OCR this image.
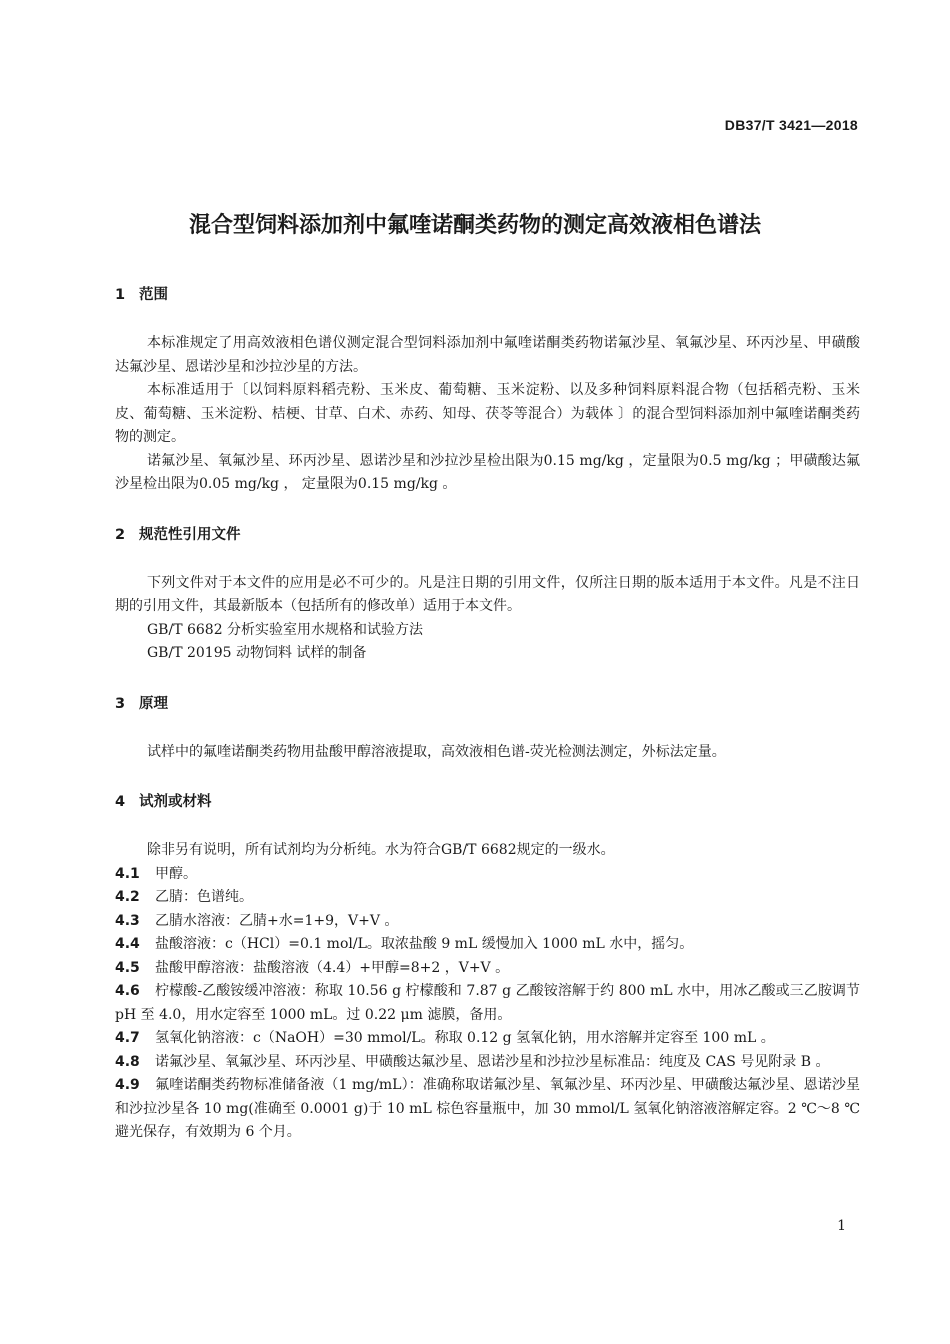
DB37/T 3421—2018
混合型饲料添加剂中氟喹诺酮类药物的测定高效液相色谱法
1 范围

本标准规定了用高效液相色谱仪测定混合型饲料添加剂中氟喹诺酮类药物诺氟沙星、氧氟沙星、环丙沙星、甲磺酸达氟沙星、恩诺沙星和沙拉沙星的方法。

本标准适用于〔以饲料原料稻壳粉、玉米皮、葡萄糖、玉米淀粉、以及多种饲料原料混合物（包括稻壳粉、玉米皮、葡萄糖、玉米淀粉、桔梗、甘草、白术、赤药、知母、茯苓等混合）为载体 〕的混合型饲料添加剂中氟喹诺酮类药物的测定。

诺氟沙星、氧氟沙星、环丙沙星、恩诺沙星和沙拉沙星检出限为0.15 mg/kg ，定量限为0.5 mg/kg ；甲磺酸达氟沙星检出限为0.05 mg/kg ， 定量限为0.15 mg/kg 。

2 规范性引用文件

下列文件对于本文件的应用是必不可少的。凡是注日期的引用文件，仅所注日期的版本适用于本文件。凡是不注日期的引用文件，其最新版本（包括所有的修改单）适用于本文件。

GB/T 6682 分析实验室用水规格和试验方法

GB/T 20195 动物饲料 试样的制备

3 原理

试样中的氟喹诺酮类药物用盐酸甲醇溶液提取，高效液相色谱-荧光检测法测定，外标法定量。

4 试剂或材料

除非另有说明，所有试剂均为分析纯。水为符合GB/T 6682规定的一级水。

4.1 甲醇。

4.2 乙腈：色谱纯。

4.3 乙腈水溶液：乙腈+水=1+9，V+V 。

4.4 盐酸溶液：c（HCl）=0.1 mol/L。取浓盐酸 9 mL 缓慢加入 1000 mL 水中，摇匀。

4.5 盐酸甲醇溶液：盐酸溶液（4.4）+甲醇=8+2 ，V+V 。

4.6 柠檬酸-乙酸铵缓冲溶液：称取 10.56 g 柠檬酸和 7.87 g 乙酸铵溶解于约 800 mL 水中，用冰乙酸或三乙胺调节 pH 至 4.0，用水定容至 1000 mL。过 0.22 μm 滤膜，备用。

4.7 氢氧化钠溶液：c（NaOH）=30 mmol/L。称取 0.12 g 氢氧化钠，用水溶解并定容至 100 mL 。

4.8 诺氟沙星、氧氟沙星、环丙沙星、甲磺酸达氟沙星、恩诺沙星和沙拉沙星标准品：纯度及 CAS 号见附录 B 。

4.9 氟喹诺酮类药物标准储备液（1 mg/mL）：准确称取诺氟沙星、氧氟沙星、环丙沙星、甲磺酸达氟沙星、恩诺沙星和沙拉沙星各 10 mg(准确至 0.0001 g)于 10 mL 棕色容量瓶中，加 30 mmol/L 氢氧化钠溶液溶解定容。2 ℃～8 ℃避光保存，有效期为 6 个月。

1
